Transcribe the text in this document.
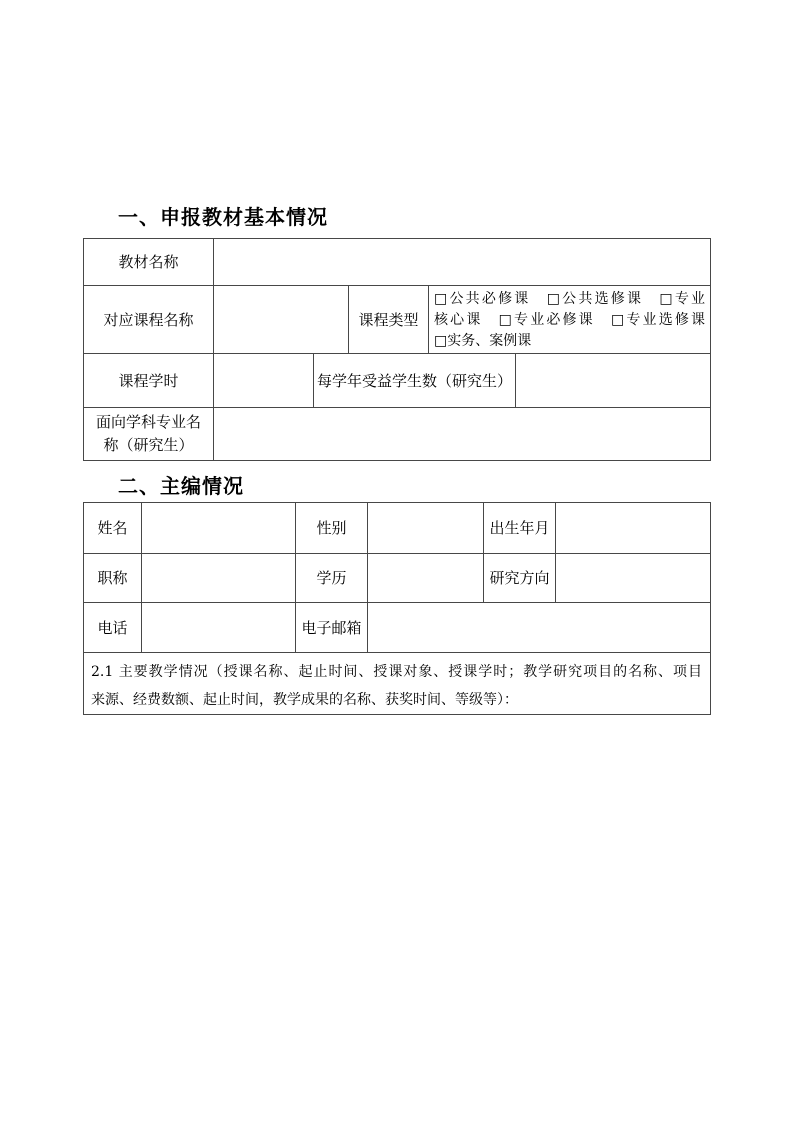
一、申报教材基本情况
教材名称					
对应课程名称			课程类型	□公共必修课　□公共选修课　□专业
核心课　□专业必修课　□专业选修课
□实务、案例课	

课程学时		每学年受益学生数（研究生）			

面向学科专业名称（研究生）					

二、主编情况
姓名		性别		出生年月	
职称		学历		研究方向	
电话		电子邮箱			

2.1 主要教学情况（授课名称、起止时间、授课对象、授课学时；教学研究项目的名称、项目
来源、经费数额、起止时间，教学成果的名称、获奖时间、等级等）：					
